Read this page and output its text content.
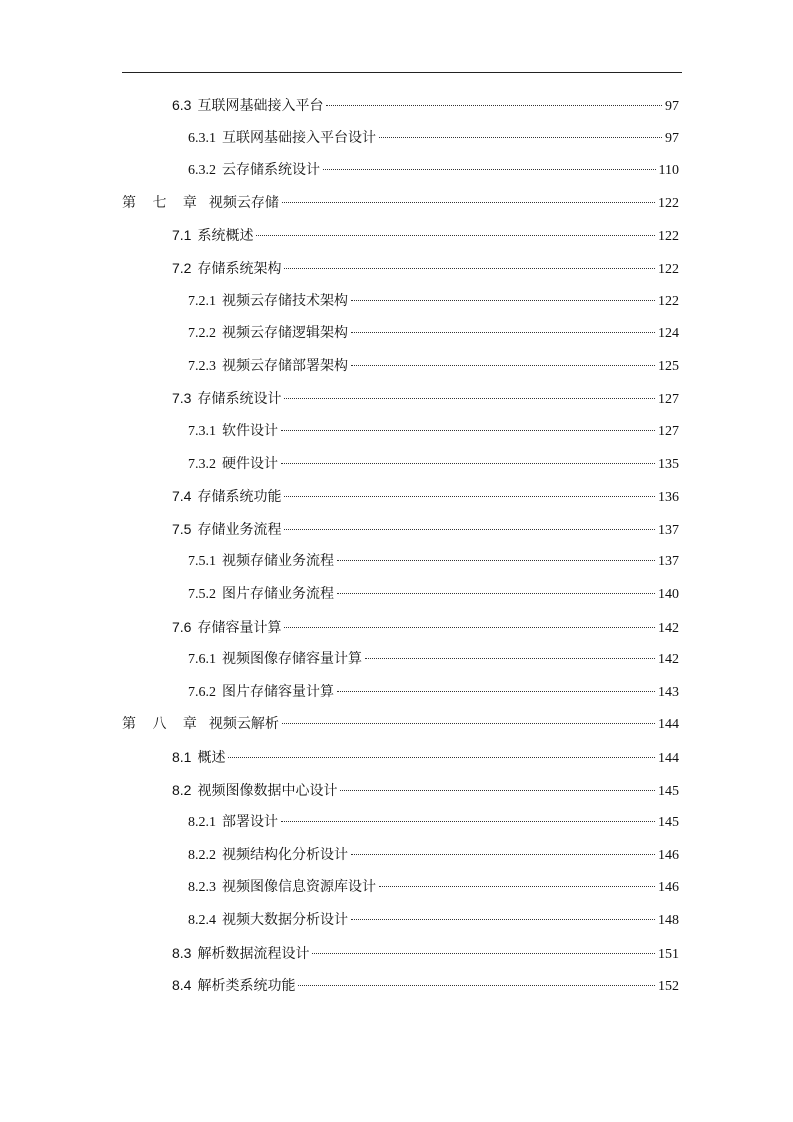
6.3 互联网基础接入平台	97
6.3.1 互联网基础接入平台设计	97
6.3.2 云存储系统设计	110
第 七 章 视频云存储	122
7.1 系统概述	122
7.2 存储系统架构	122
7.2.1 视频云存储技术架构	122
7.2.2 视频云存储逻辑架构	124
7.2.3 视频云存储部署架构	125
7.3 存储系统设计	127
7.3.1 软件设计	127
7.3.2 硬件设计	135
7.4 存储系统功能	136
7.5 存储业务流程	137
7.5.1 视频存储业务流程	137
7.5.2 图片存储业务流程	140
7.6 存储容量计算	142
7.6.1 视频图像存储容量计算	142
7.6.2 图片存储容量计算	143
第 八 章 视频云解析	144
8.1 概述	144
8.2 视频图像数据中心设计	145
8.2.1 部署设计	145
8.2.2 视频结构化分析设计	146
8.2.3 视频图像信息资源库设计	146
8.2.4 视频大数据分析设计	148
8.3 解析数据流程设计	151
8.4 解析类系统功能	152
